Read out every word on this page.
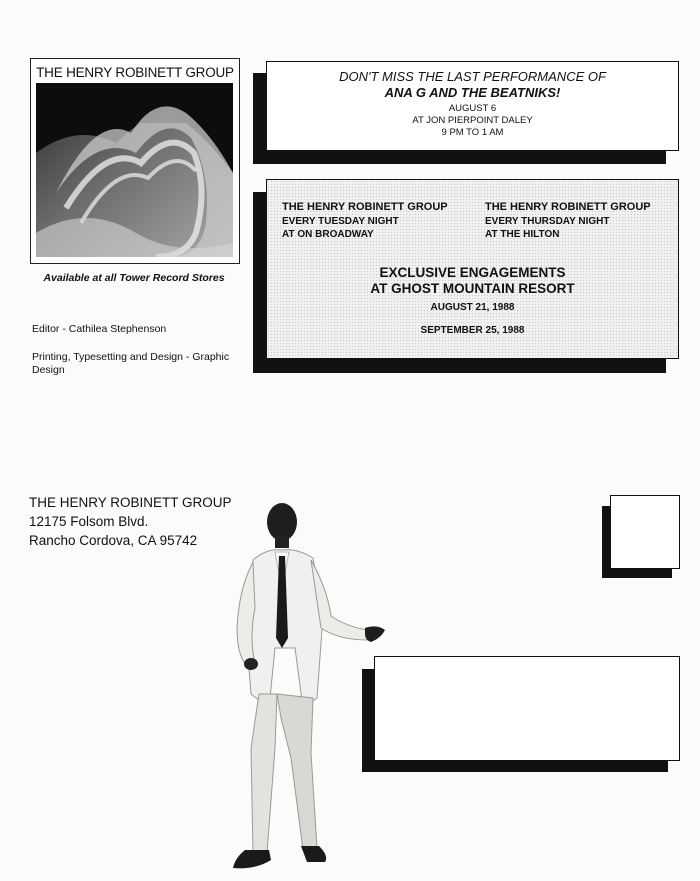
THE HENRY ROBINETT GROUP
Available at all Tower Record Stores
Editor - Cathilea Stephenson
Printing, Typesetting and Design - Graphic Design
DON'T MISS THE LAST PERFORMANCE OF
ANA G AND THE BEATNIKS!
AUGUST 6
AT JON PIERPOINT DALEY
9 PM TO 1 AM
THE HENRY ROBINETT GROUP
EVERY TUESDAY NIGHT
AT ON BROADWAY
THE HENRY ROBINETT GROUP
EVERY THURSDAY NIGHT
AT THE HILTON
EXCLUSIVE ENGAGEMENTS
AT GHOST MOUNTAIN RESORT
AUGUST 21, 1988
SEPTEMBER 25, 1988
THE HENRY ROBINETT GROUP
12175 Folsom Blvd.
Rancho Cordova, CA 95742
